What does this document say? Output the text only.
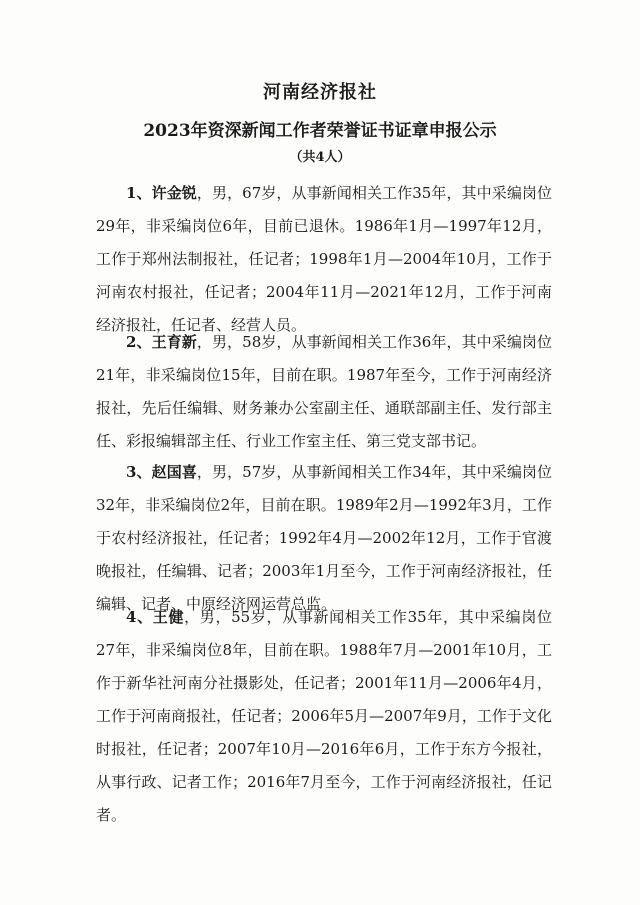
河南经济报社
2023年资深新闻工作者荣誉证书证章申报公示
（共4人）
1、许金锐，男，67岁，从事新闻相关工作35年，其中采编岗位29年，非采编岗位6年，目前已退休。1986年1月—1997年12月，工作于郑州法制报社，任记者；1998年1月—2004年10月，工作于河南农村报社，任记者；2004年11月—2021年12月，工作于河南经济报社，任记者、经营人员。
2、王育新，男，58岁，从事新闻相关工作36年，其中采编岗位21年，非采编岗位15年，目前在职。1987年至今，工作于河南经济报社，先后任编辑、财务兼办公室副主任、通联部副主任、发行部主任、彩报编辑部主任、行业工作室主任、第三党支部书记。
3、赵国喜，男，57岁，从事新闻相关工作34年，其中采编岗位32年，非采编岗位2年，目前在职。1989年2月—1992年3月，工作于农村经济报社，任记者；1992年4月—2002年12月，工作于官渡晚报社，任编辑、记者；2003年1月至今，工作于河南经济报社，任编辑、记者、中原经济网运营总监。
4、王健，男，55岁，从事新闻相关工作35年，其中采编岗位27年，非采编岗位8年，目前在职。1988年7月—2001年10月，工作于新华社河南分社摄影处，任记者；2001年11月—2006年4月，工作于河南商报社，任记者；2006年5月—2007年9月，工作于文化时报社，任记者；2007年10月—2016年6月，工作于东方今报社，从事行政、记者工作；2016年7月至今，工作于河南经济报社，任记者。
